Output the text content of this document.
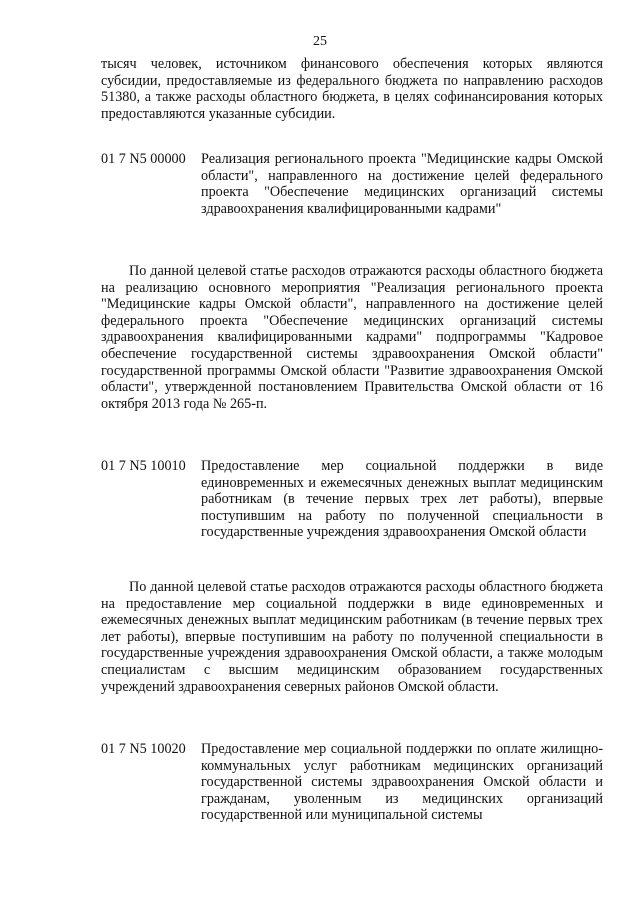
25

тысяч человек, источником финансового обеспечения которых являются субсидии, предоставляемые из федерального бюджета по направлению расходов 51380, а также расходы областного бюджета, в целях софинансирования которых предоставляются указанные субсидии.

01 7 N5 00000 Реализация регионального проекта "Медицинские кадры Омской области", направленного на достижение целей федерального проекта "Обеспечение медицинских организаций системы здравоохранения квалифицированными кадрами"

По данной целевой статье расходов отражаются расходы областного бюджета на реализацию основного мероприятия "Реализация регионального проекта "Медицинские кадры Омской области", направленного на достижение целей федерального проекта "Обеспечение медицинских организаций системы здравоохранения квалифицированными кадрами" подпрограммы "Кадровое обеспечение государственной системы здравоохранения Омской области" государственной программы Омской области "Развитие здравоохранения Омской области", утвержденной постановлением Правительства Омской области от 16 октября 2013 года № 265-п.

01 7 N5 10010 Предоставление мер социальной поддержки в виде единовременных и ежемесячных денежных выплат медицинским работникам (в течение первых трех лет работы), впервые поступившим на работу по полученной специальности в государственные учреждения здравоохранения Омской области

По данной целевой статье расходов отражаются расходы областного бюджета на предоставление мер социальной поддержки в виде единовременных и ежемесячных денежных выплат медицинским работникам (в течение первых трех лет работы), впервые поступившим на работу по полученной специальности в государственные учреждения здравоохранения Омской области, а также молодым специалистам с высшим медицинским образованием государственных учреждений здравоохранения северных районов Омской области.

01 7 N5 10020 Предоставление мер социальной поддержки по оплате жилищно-коммунальных услуг работникам медицинских организаций государственной системы здравоохранения Омской области и гражданам, уволенным из медицинских организаций государственной или муниципальной системы
